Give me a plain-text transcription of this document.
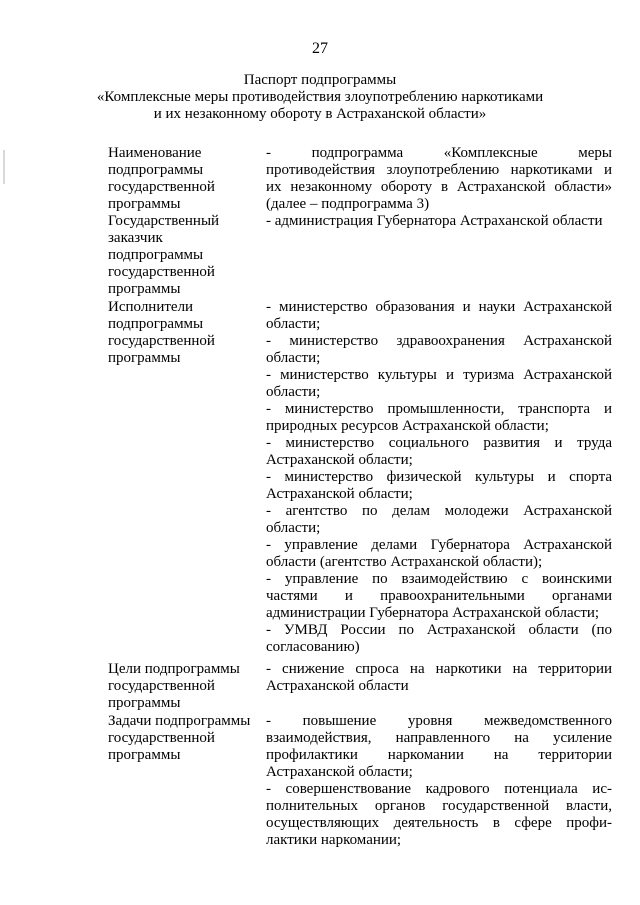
27
Паспорт подпрограммы
«Комплексные меры противодействия злоупотреблению наркотиками
и их незаконному обороту в Астраханской области»
Наименование
подпрограммы
государственной
программы
- подпрограмма «Комплексные меры
противодействия злоупотреблению наркотиками и
их незаконному обороту в Астраханской области»
(далее – подпрограмма 3)
Государственный
заказчик
подпрограммы
государственной
программы
- администрация Губернатора Астраханской области
Исполнители
подпрограммы
государственной
программы
- министерство образования и науки Астраханской
области;
- министерство здравоохранения Астраханской
области;
- министерство культуры и туризма Астраханской
области;
- министерство промышленности, транспорта и
природных ресурсов Астраханской области;
- министерство социального развития и труда
Астраханской области;
- министерство физической культуры и спорта
Астраханской области;
- агентство по делам молодежи Астраханской
области;
- управление делами Губернатора Астраханской
области (агентство Астраханской области);
- управление по взаимодействию с воинскими
частями и правоохранительными органами
администрации Губернатора Астраханской области;
- УМВД России по Астраханской области (по
согласованию)
Цели подпрограммы
государственной
программы
- снижение спроса на наркотики на территории
Астраханской области
Задачи подпрограммы
государственной
программы
- повышение уровня межведомственного
взаимодействия, направленного на усиление
профилактики наркомании на территории
Астраханской области;
- совершенствование кадрового потенциала ис-
полнительных органов государственной власти,
осуществляющих деятельность в сфере профи-
лактики наркомании;
